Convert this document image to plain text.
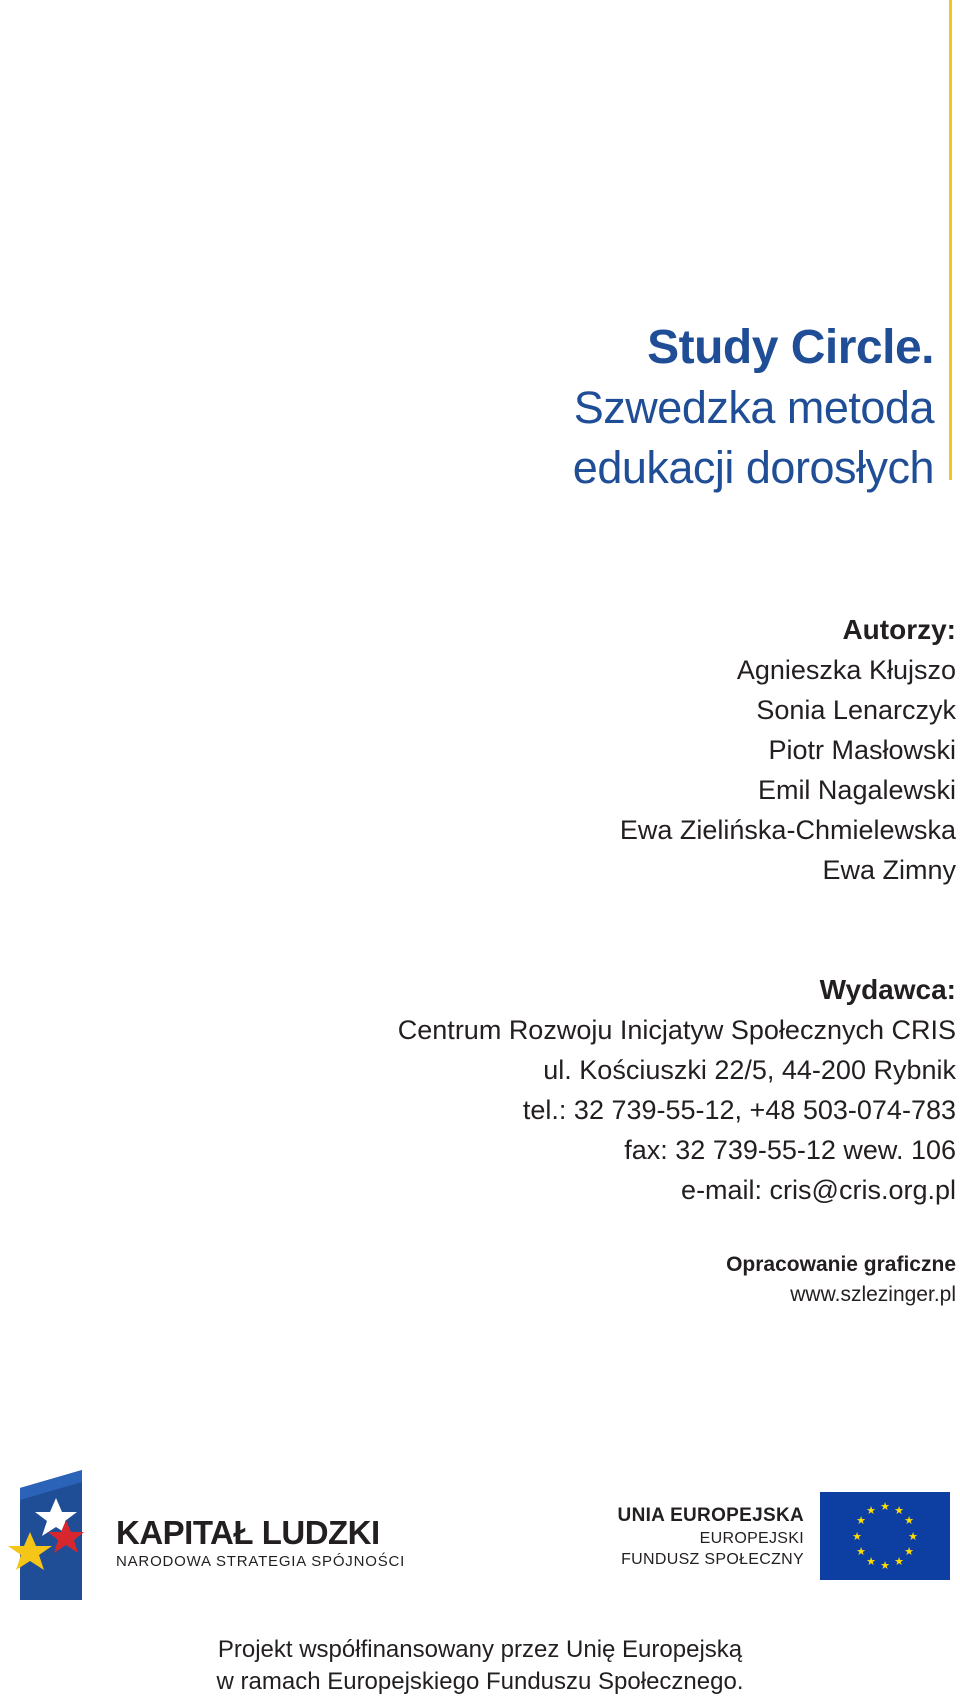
Study Circle.
Szwedzka metoda
edukacji dorosłych
Autorzy:
Agnieszka Kłujszo
Sonia Lenarczyk
Piotr Masłowski
Emil Nagalewski
Ewa Zielińska-Chmielewska
Ewa Zimny
Wydawca:
Centrum Rozwoju Inicjatyw Społecznych CRIS
ul. Kościuszki 22/5, 44-200 Rybnik
tel.: 32 739-55-12, +48 503-074-783
fax: 32 739-55-12 wew. 106
e-mail: cris@cris.org.pl
Opracowanie graficzne
www.szlezinger.pl
KAPITAŁ LUDZKI
NARODOWA STRATEGIA SPÓJNOŚCI
UNIA EUROPEJSKA
EUROPEJSKI
FUNDUSZ SPOŁECZNY
★ ★
★
★
★
★
★
★
★
★
★
★
Projekt współfinansowany przez Unię Europejską
w ramach Europejskiego Funduszu Społecznego.
